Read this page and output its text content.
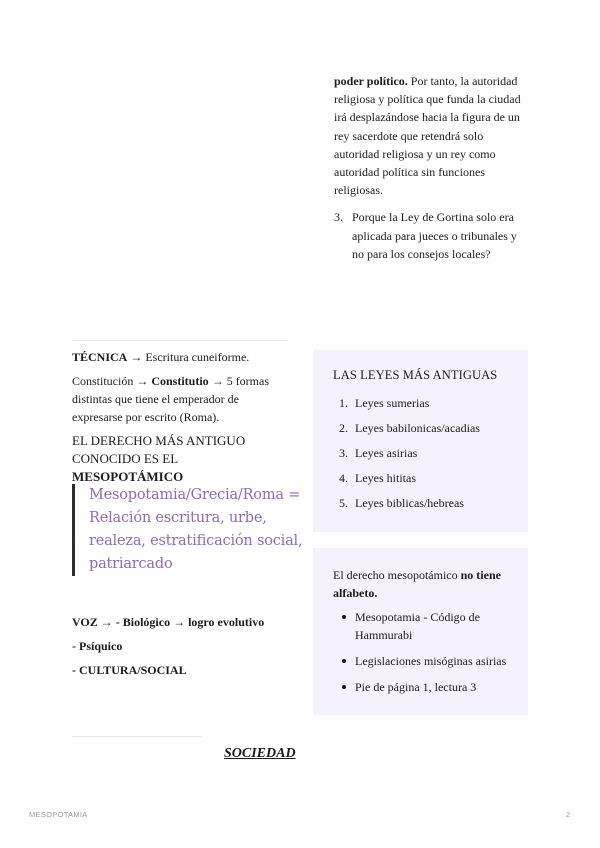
poder político. Por tanto, la autoridad religiosa y política que funda la ciudad irá desplazándose hacia la figura de un rey sacerdote que retendrá solo autoridad religiosa y un rey como autoridad política sin funciones religiosas.

3. Porque la Ley de Gortina solo era aplicada para jueces o tribunales y no para los consejos locales?
TÉCNICA → Escritura cuneiforme.
Constitución → Constitutio → 5 formas distintas que tiene el emperador de expresarse por escrito (Roma).
EL DERECHO MÁS ANTIGUO CONOCIDO ES EL MESOPOTÁMICO
Mesopotamia/Grecia/Roma = Relación escritura, urbe, realeza, estratificación social, patriarcado
VOZ → - Biológico → logro evolutivo
- Psíquico
- CULTURA/SOCIAL
SOCIEDAD
LAS LEYES MÁS ANTIGUAS
1. Leyes sumerias
2. Leyes babilonicas/acadias
3. Leyes asirias
4. Leyes hititas
5. Leyes biblicas/hebreas
El derecho mesopotámico no tiene alfabeto.
Mesopotamia - Código de Hammurabi
Legislaciones misóginas asirias
Pie de página 1, lectura 3
MESOPOTAMIA	2
